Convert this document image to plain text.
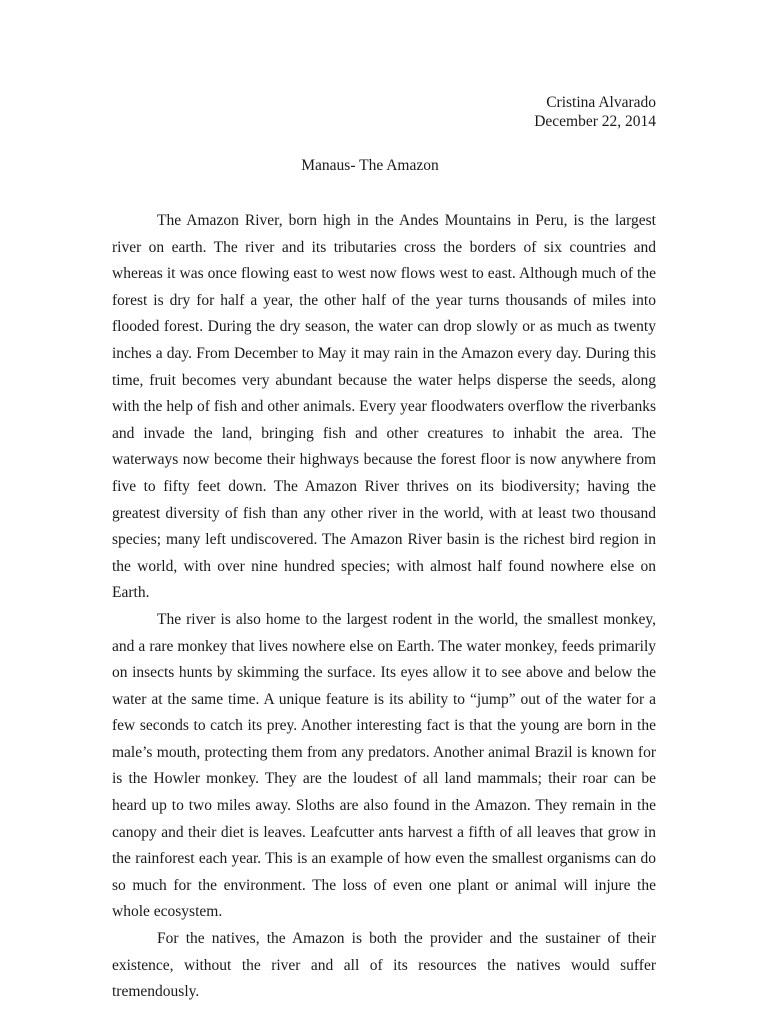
Cristina Alvarado
December 22, 2014
Manaus- The Amazon

The Amazon River, born high in the Andes Mountains in Peru, is the largest river on earth. The river and its tributaries cross the borders of six countries and whereas it was once flowing east to west now flows west to east. Although much of the forest is dry for half a year, the other half of the year turns thousands of miles into flooded forest. During the dry season, the water can drop slowly or as much as twenty inches a day. From December to May it may rain in the Amazon every day. During this time, fruit becomes very abundant because the water helps disperse the seeds, along with the help of fish and other animals. Every year floodwaters overflow the riverbanks and invade the land, bringing fish and other creatures to inhabit the area. The waterways now become their highways because the forest floor is now anywhere from five to fifty feet down. The Amazon River thrives on its biodiversity; having the greatest diversity of fish than any other river in the world, with at least two thousand species; many left undiscovered. The Amazon River basin is the richest bird region in the world, with over nine hundred species; with almost half found nowhere else on Earth.

The river is also home to the largest rodent in the world, the smallest monkey, and a rare monkey that lives nowhere else on Earth. The water monkey, feeds primarily on insects hunts by skimming the surface. Its eyes allow it to see above and below the water at the same time. A unique feature is its ability to “jump” out of the water for a few seconds to catch its prey. Another interesting fact is that the young are born in the male’s mouth, protecting them from any predators. Another animal Brazil is known for is the Howler monkey. They are the loudest of all land mammals; their roar can be heard up to two miles away. Sloths are also found in the Amazon. They remain in the canopy and their diet is leaves. Leafcutter ants harvest a fifth of all leaves that grow in the rainforest each year. This is an example of how even the smallest organisms can do so much for the environment. The loss of even one plant or animal will injure the whole ecosystem.

For the natives, the Amazon is both the provider and the sustainer of their existence, without the river and all of its resources the natives would suffer tremendously.
